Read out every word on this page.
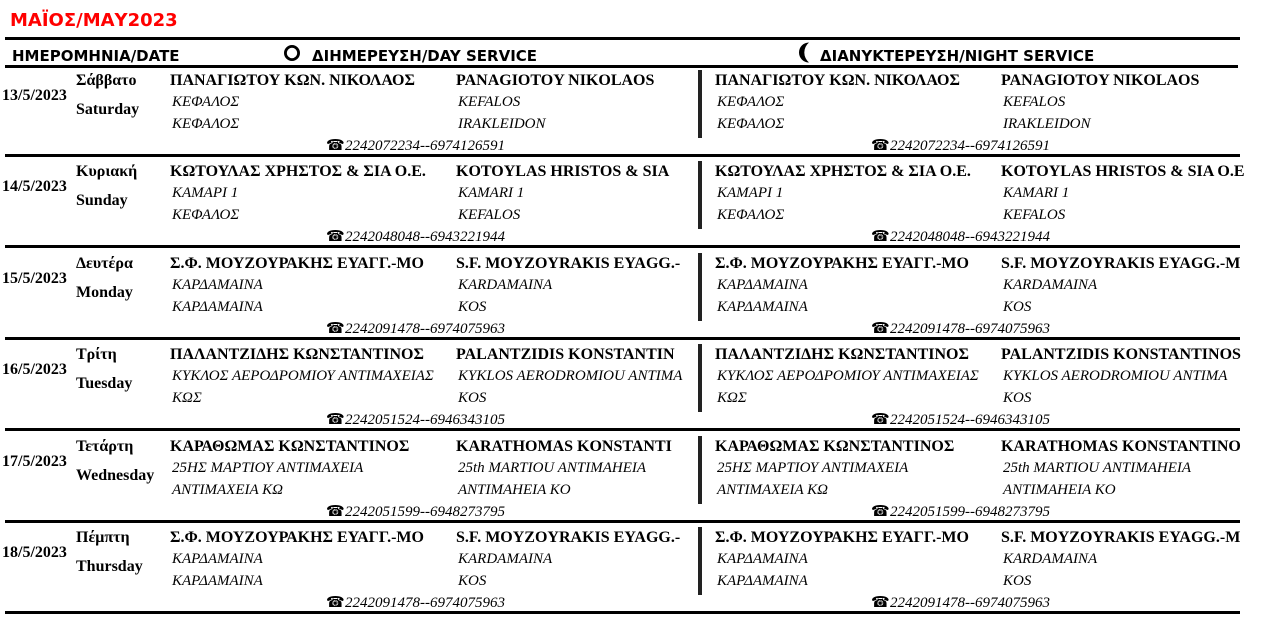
ΜΑΪΟΣ/ΜΑΥ2023
ΗΜΕΡΟΜΗΝΙΑ/DATE	ΔΙΗΜΕΡΕΥΣΗ/DAY SERVICE	ΔΙΑΝΥΚΤΕΡΕΥΣΗ/NIGHT SERVICE
13/5/2023
Σάββατο
Saturday
ΠΑΝΑΓΙΩΤΟΥ ΚΩΝ. ΝΙΚΟΛΑΟΣ
ΚΕΦΑΛΟΣ
ΚΕΦΑΛΟΣ
PANAGIOTOY NIKOLAOS
KEFALOS
IRAKLEIDON
☎2242072234--6974126591
ΠΑΝΑΓΙΩΤΟΥ ΚΩΝ. ΝΙΚΟΛΑΟΣ
ΚΕΦΑΛΟΣ
ΚΕΦΑΛΟΣ
PANAGIOTOY NIKOLAOS
KEFALOS
IRAKLEIDON
☎2242072234--6974126591
14/5/2023
Κυριακή
Sunday
ΚΩΤΟΥΛΑΣ ΧΡΗΣΤΟΣ & ΣΙΑ Ο.Ε.
ΚΑΜΑΡΙ 1
ΚΕΦΑΛΟΣ
KOTOYLAS HRISTOS & SIA
KAMARI 1
KEFALOS
☎2242048048--6943221944
ΚΩΤΟΥΛΑΣ ΧΡΗΣΤΟΣ & ΣΙΑ Ο.Ε.
ΚΑΜΑΡΙ 1
ΚΕΦΑΛΟΣ
KOTOYLAS HRISTOS & SIA O.E
KAMARI 1
KEFALOS
☎2242048048--6943221944
15/5/2023
Δευτέρα
Monday
Σ.Φ. ΜΟΥΖΟΥΡΑΚΗΣ ΕΥΑΓΓ.-ΜΟ
ΚΑΡΔΑΜΑΙΝΑ
ΚΑΡΔΑΜΑΙΝΑ
S.F. MOYZOYRAKIS EYAGG.-
KARDAMAINA
KOS
☎2242091478--6974075963
Σ.Φ. ΜΟΥΖΟΥΡΑΚΗΣ ΕΥΑΓΓ.-ΜΟ
ΚΑΡΔΑΜΑΙΝΑ
ΚΑΡΔΑΜΑΙΝΑ
S.F. MOYZOYRAKIS EYAGG.-M
KARDAMAINA
KOS
☎2242091478--6974075963
16/5/2023
Τρίτη
Tuesday
ΠΑΛΑΝΤΖΙΔΗΣ ΚΩΝΣΤΑΝΤΙΝΟΣ
ΚΥΚΛΟΣ ΑΕΡΟΔΡΟΜΙΟΥ ΑΝΤΙΜΑΧΕΙΑΣ
ΚΩΣ
PALANTZIDIS KONSTANTIN
KYKLOS AERODROMIOU ANTIMA
KOS
☎2242051524--6946343105
ΠΑΛΑΝΤΖΙΔΗΣ ΚΩΝΣΤΑΝΤΙΝΟΣ
ΚΥΚΛΟΣ ΑΕΡΟΔΡΟΜΙΟΥ ΑΝΤΙΜΑΧΕΙΑΣ
ΚΩΣ
PALANTZIDIS KONSTANTINOS
KYKLOS AERODROMIOU ANTIMA
KOS
☎2242051524--6946343105
17/5/2023
Τετάρτη
Wednesday
ΚΑΡΑΘΩΜΑΣ ΚΩΝΣΤΑΝΤΙΝΟΣ
25ΗΣ ΜΑΡΤΙΟΥ ΑΝΤΙΜΑΧΕΙΑ
ΑΝΤΙΜΑΧΕΙΑ ΚΩ
KARATHOMAS KONSTANTI
25th MARTIOU ANTIMAHEIA
ANTIMAHEIA KO
☎2242051599--6948273795
ΚΑΡΑΘΩΜΑΣ ΚΩΝΣΤΑΝΤΙΝΟΣ
25ΗΣ ΜΑΡΤΙΟΥ ΑΝΤΙΜΑΧΕΙΑ
ΑΝΤΙΜΑΧΕΙΑ ΚΩ
KARATHOMAS KONSTANTINO
25th MARTIOU ANTIMAHEIA
ANTIMAHEIA KO
☎2242051599--6948273795
18/5/2023
Πέμπτη
Thursday
Σ.Φ. ΜΟΥΖΟΥΡΑΚΗΣ ΕΥΑΓΓ.-ΜΟ
ΚΑΡΔΑΜΑΙΝΑ
ΚΑΡΔΑΜΑΙΝΑ
S.F. MOYZOYRAKIS EYAGG.-
KARDAMAINA
KOS
☎2242091478--6974075963
Σ.Φ. ΜΟΥΖΟΥΡΑΚΗΣ ΕΥΑΓΓ.-ΜΟ
ΚΑΡΔΑΜΑΙΝΑ
ΚΑΡΔΑΜΑΙΝΑ
S.F. MOYZOYRAKIS EYAGG.-M
KARDAMAINA
KOS
☎2242091478--6974075963
